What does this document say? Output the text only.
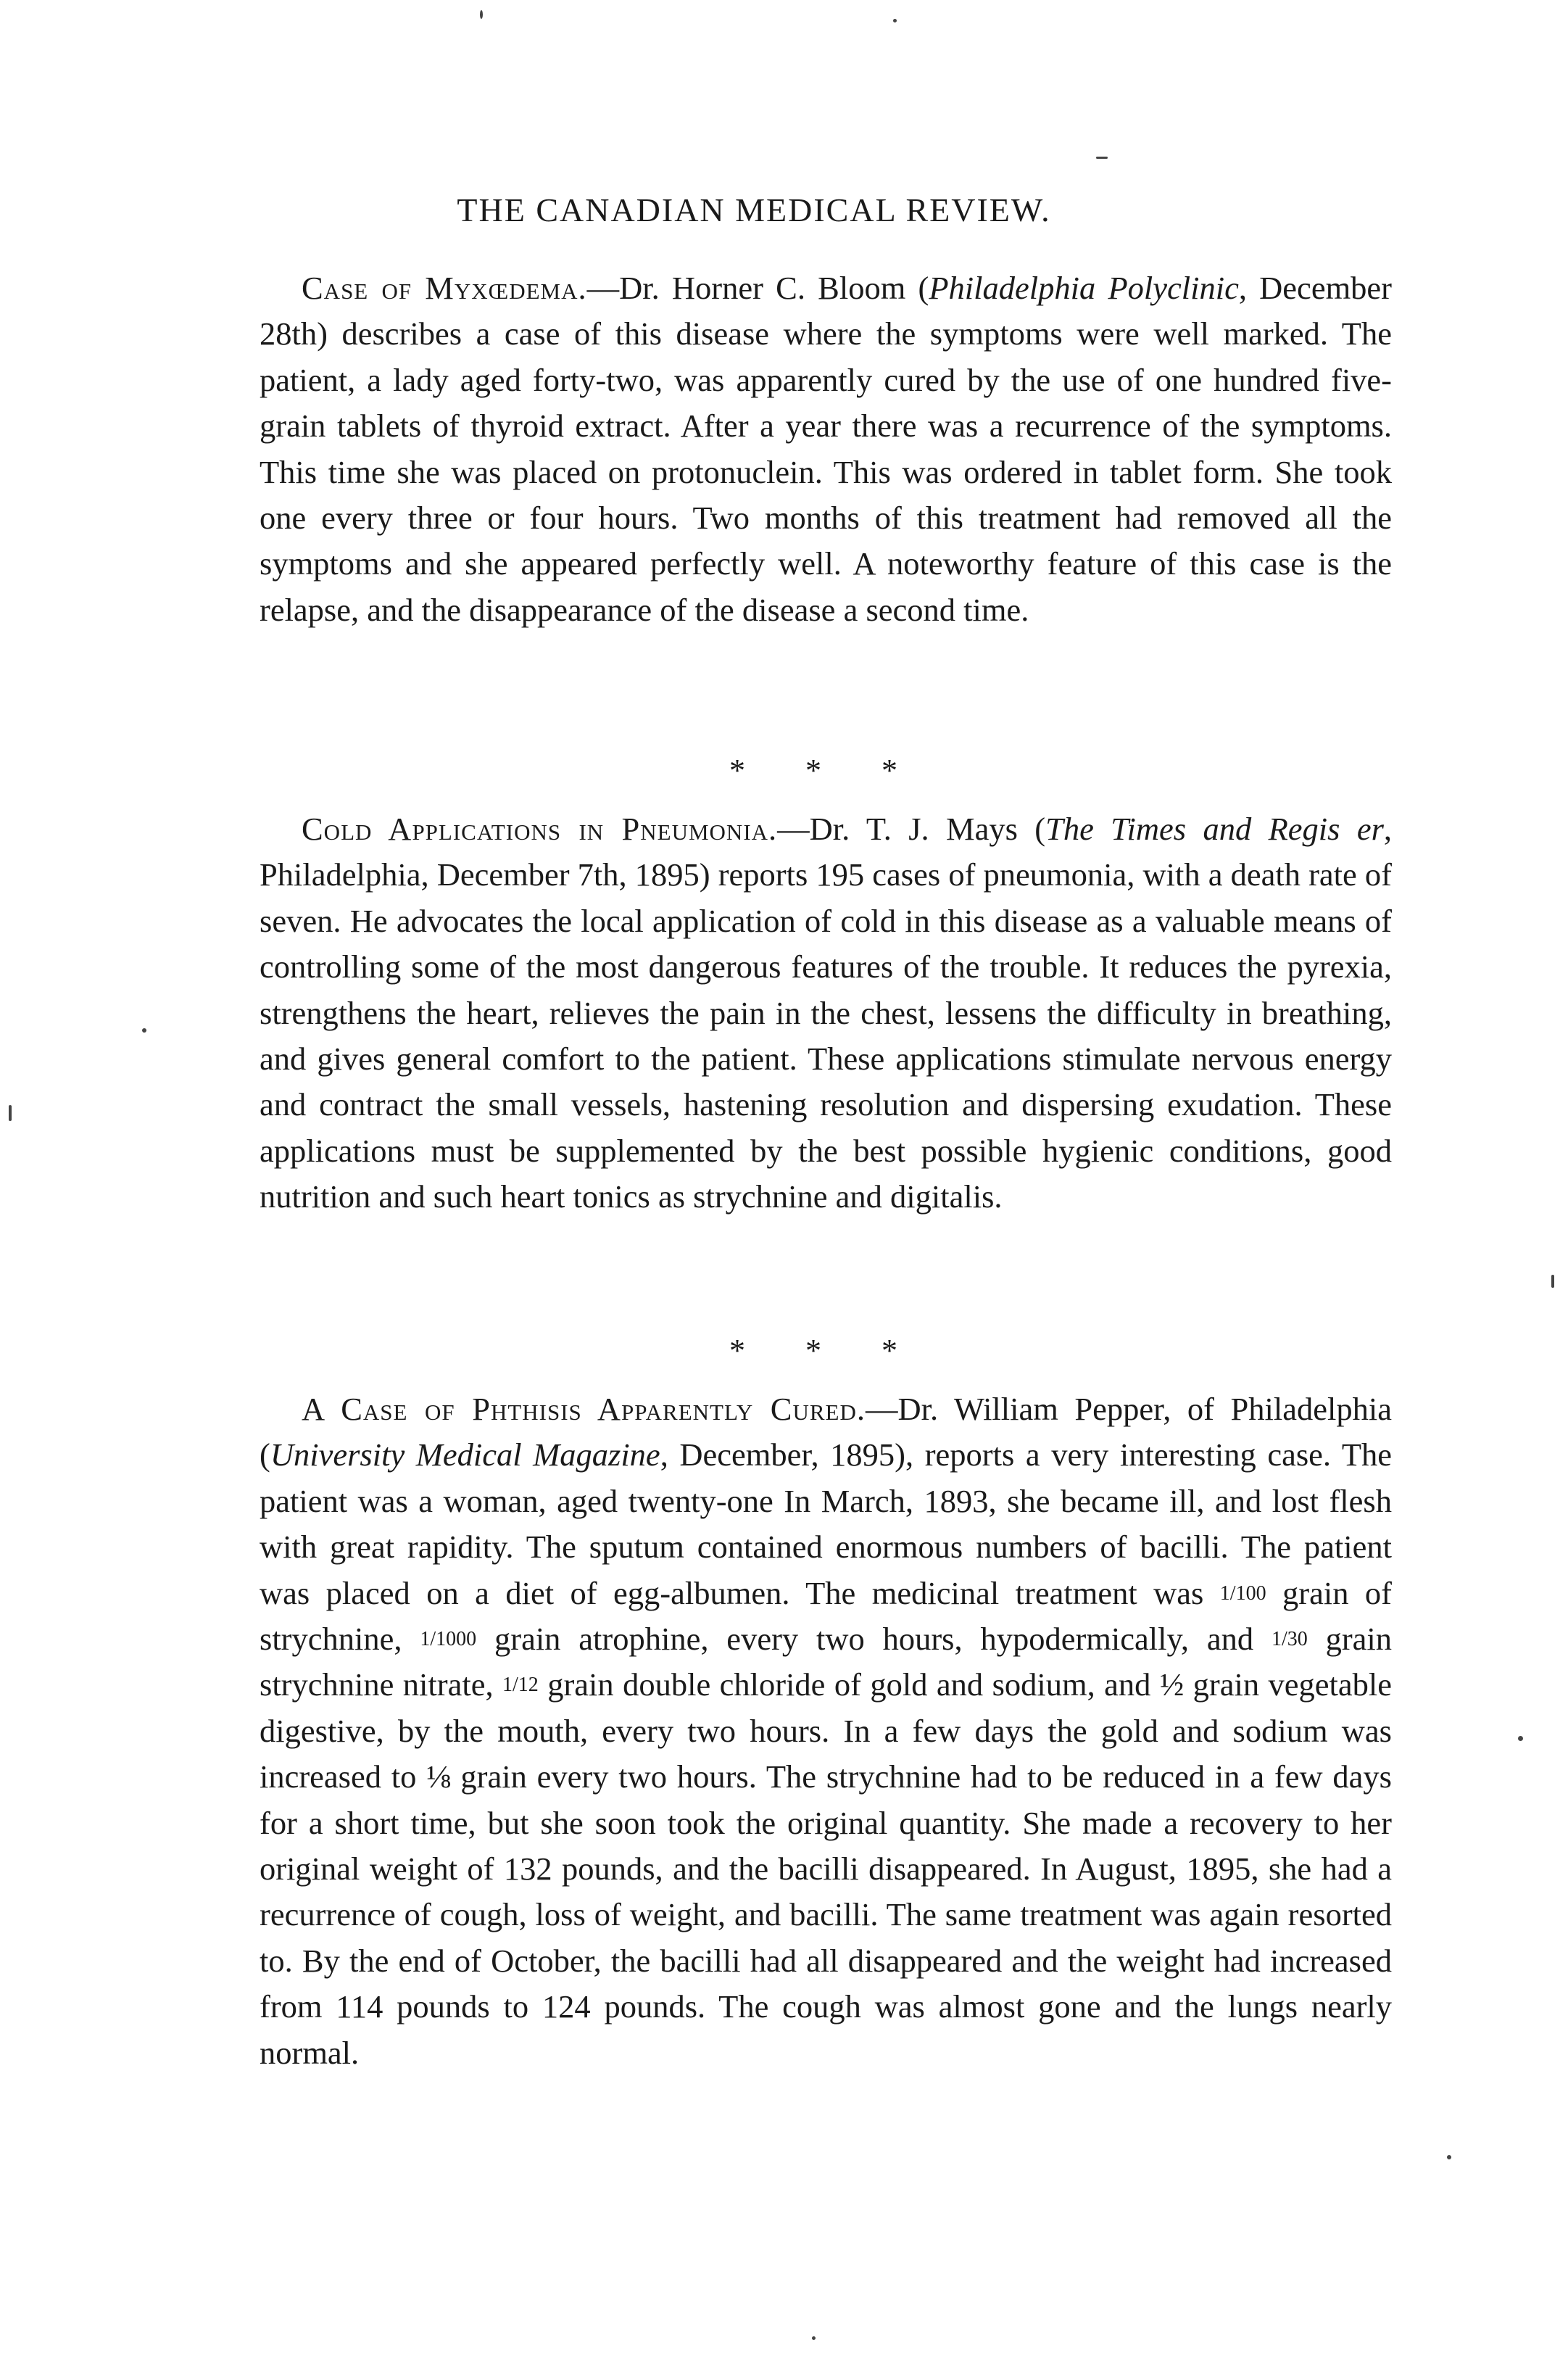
THE CANADIAN MEDICAL REVIEW.

Case of Myxœdema.—Dr. Horner C. Bloom (Philadelphia Polyclinic, December 28th) describes a case of this disease where the symptoms were well marked. The patient, a lady aged forty-two, was apparently cured by the use of one hundred five-grain tablets of thyroid extract. After a year there was a recurrence of the symptoms. This time she was placed on protonuclein. This was ordered in tablet form. She took one every three or four hours. Two months of this treatment had removed all the symptoms and she appeared perfectly well. A noteworthy feature of this case is the relapse, and the disappearance of the disease a second time.

* * *

Cold Applications in Pneumonia.—Dr. T. J. Mays (The Times and Regis er, Philadelphia, December 7th, 1895) reports 195 cases of pneumonia, with a death rate of seven. He advocates the local application of cold in this disease as a valuable means of controlling some of the most dangerous features of the trouble. It reduces the pyrexia, strengthens the heart, relieves the pain in the chest, lessens the difficulty in breathing, and gives general comfort to the patient. These applications stimulate nervous energy and contract the small vessels, hastening resolution and dispersing exudation. These applications must be supplemented by the best possible hygienic conditions, good nutrition and such heart tonics as strychnine and digitalis.

* * *

A Case of Phthisis Apparently Cured.—Dr. William Pepper, of Philadelphia (University Medical Magazine, December, 1895), reports a very interesting case. The patient was a woman, aged twenty-one In March, 1893, she became ill, and lost flesh with great rapidity. The sputum contained enormous numbers of bacilli. The patient was placed on a diet of egg-albumen. The medicinal treatment was 1/100 grain of strychnine, 1/1000 grain atrophine, every two hours, hypodermically, and 1/30 grain strychnine nitrate, 1/12 grain double chloride of gold and sodium, and ½ grain vegetable digestive, by the mouth, every two hours. In a few days the gold and sodium was increased to ⅛ grain every two hours. The strychnine had to be reduced in a few days for a short time, but she soon took the original quantity. She made a recovery to her original weight of 132 pounds, and the bacilli disappeared. In August, 1895, she had a recurrence of cough, loss of weight, and bacilli. The same treatment was again resorted to. By the end of October, the bacilli had all disappeared and the weight had increased from 114 pounds to 124 pounds. The cough was almost gone and the lungs nearly normal.
